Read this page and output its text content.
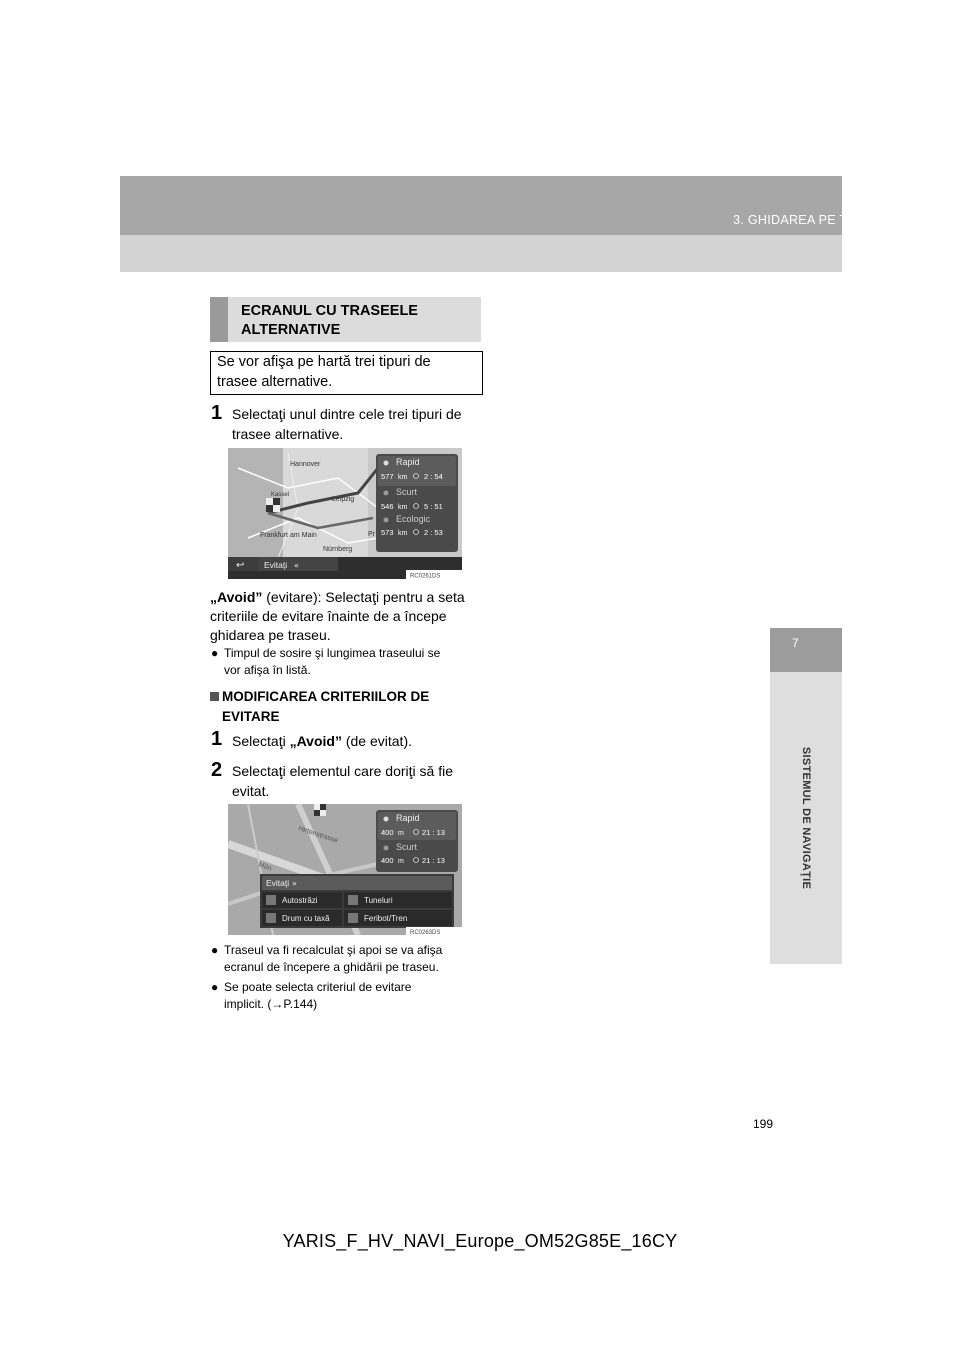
3. GHIDAREA PE TRASEU
7
SISTEMUL DE NAVIGAŢIE
ECRANUL CU TRASEELE ALTERNATIVE
Se vor afişa pe hartă trei tipuri de
trasee alternative.
1 Selectaţi unul dintre cele trei tipuri de
trasee alternative.
Hannover
Leipzig
Frankfurt am Main
Nürnberg
Kassel
Pr
Rapid
577 km 2 : 54
Scurt
546 km 5 : 51
Ecologic
573 km 2 : 53
↩ Evitaţi «
RC0261DS
„Avoid” (evitare): Selectaţi pentru a seta
criteriile de evitare înainte de a începe
ghidarea pe traseu.
● Timpul de sosire şi lungimea traseului se
vor afişa în listă.
MODIFICAREA CRITERIILOR DE
EVITARE
1 Selectaţi „Avoid” (de evitat).
2 Selectaţi elementul care doriţi să fie
evitat.
Hirtenstrasse
Mün
Rapid
400 m 21 : 13
Scurt
400 m 21 : 13
Evitaţi »
Autostrăzi	Tuneluri
Drum cu taxă	Feribot/Tren
RC0263DS
● Traseul va fi recalculat şi apoi se va afişa
ecranul de începere a ghidării pe traseu.
● Se poate selecta criteriul de evitare
implicit. (→P.144)
199
YARIS_F_HV_NAVI_Europe_OM52G85E_16CY
